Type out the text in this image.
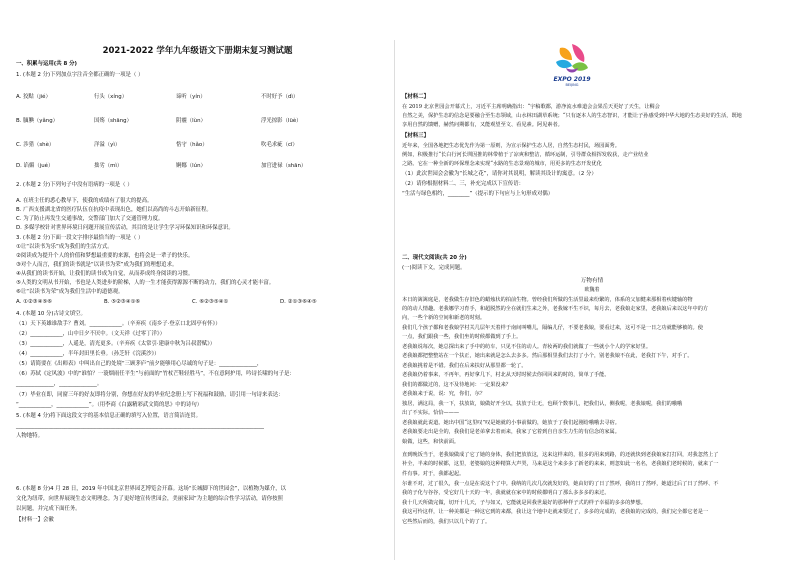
2021-2022 学年九年级语文下册期末复习测试题
一、积累与运用(共 8 分)
1. (本题 2 分)下列加点字注音全都正确的一项是（ ）
A. 狡黠（jié）	行头（xíng）	谛听（yín）	不时好予（dì）
B. 腼腆（yǎng）	国殇（shāng）	阴霾（lùn）	浮光掠影（lüè）
C. 涉猎（shè）	洋溢（yì）	恪守（hǎo）	吹毛求疵（cī）
D. 谄媚（jué）	拙劣（mì）	婀娜（lún）	加官进禄（shān）
2. (本题 2 分)下列句子中没有语病的一项是（ ）
A. 在班主任的悉心教导下，使我的成绩有了很大的提高。
B. 广西支援湖北省的医疗队伍在抗疫中表现出色，她们以高尚的斗志开始新征程。
C. 为了防止再发生交通事故，交警部门加大了交通管理力度。
D. 多媒学校针对世界环境日问题开展宣传活动，其目的是让学生学习环保知识和环保意识。
3. (本题 2 分)下面一段文字排序最恰当的一项是（ ）
①让“以读书为乐”成为我们的生活方式。
②阅读成为提升个人的价值和梦想最重要的来源，也将会是一辈子的快乐。
③对个人而言，我们的读书就是“以读书为荣”成为我们的理想追求。
④从我们的读书开始，让我们的读书成为自觉，从而养成终身阅读的习惯。
⑤人类的文明从书开始，书也是人类进步的阶梯，人的一生才能获得源源不断的动力，我们的心灵才能丰富。
⑥让“以读书为荣”成为我们生活中的道德观。
A. ①②③④⑤⑥	B. ⑤②③④①⑥	C. ⑥②③⑤④①	D. ②①③⑥④⑤
4. (本题 10 分)古诗文填空。
（1）天下英雄谁敌手？曹刘。____________。（辛弃疾《南乡子·登京口北固亭有怀》）
（2）____________，山中日夕不厌中。（文天祥《过零丁洋》）
（3）____________，人遥是，清光更多。（辛弃疾《太常引·建康中秋为吕叔潜赋》）
（4）____________，半年封田里长垂。（孙芝轩《浣溪沙》）
（5）请简要在《出师表》中叫出自己的处境“三顾茅庐”前夕能够用心尽诚的句子是：______________，
（6）苏轼《定风波》中的“谁怕？一蓑烟雨任平生”与前面的“竹杖芒鞋轻胜马”，不在意阿护用，吟诗长啸的句子是：
______________，______________。
（7）毕业在即，同窗三年的好友即将分别，你想在好友的毕业纪念册上写下祝福和鼓励，请引用一句诗来表达：
“____________，____________”。（用李商《白露精彩武文简的思》中的诗句）
5. (本题 4 分)将下面这段文字的基本信息正确的填写入位置，语言简洁连贯。
____________________________________________________________________________________________
人物地特。
6. (本题 8 分)4 月 28 日，2019 年中国北京世界园艺博览会开幕。这场“长城脚下的世园会”，以植物为媒介，以
文化为纽带，向世界展现生态文明理念。为了更好地宣传世园会，美丽家园”为主题的综合性学习活动，请你按照
以问题，并完成下面任务。
【材料一】会徽
EXPO 2019
BEIJING
【材料二】
在 2019 北京世园会开幕式上，习近平主席明确指出：“宇稿歌都，游净流水难道会会果岳天更好了天生，让稠会
自然之美，保护生态的信念是要融合至生态领域，山水林田湖草系统；“只有逐本人的生态智识，才能让子孙感受到中华大地的生态美好的生活，既地
享用自然的馈赠，赫然问期都有，又能观望至文、看见素。阿见素者。
【材料三】
近年来，全国各地把生态优先作为第一原则，为宣示保护生态人居，自然生态村民，场园面秀。
例如，积极推行“长白行河长圳因推的林带植于了凉爽和整洁，循环运制，引导群众相挥发收获，走产业结业
之路。它在一种全新的环保理念来实现“水路的生态景观的城市，用更多的生态开发优化
（1）此次世园会会徽为“长城之花”，请你对其说明，解读其设计的寓意。（2 分）
（2）请你根据材料二、三，补充完成以下宣传语：
“生活与绿色相约，________”（提示的下句应与上句形成对偶）
二、现代文阅读(共 20 分)
(一)阅读下文，完成问题。
万物有情
欧魏着
本日的篱篱庭是，老我做生存旧色的蜡烛状的拍前生物。曾经我们所做的生活里最来纷繁的，体系的父加健来那相着疾键轴的物
的的动人情趣。老我娜学习育手，和超脱然的全在就们生来之外，老我嫁不生不识，每月去，老我娘走家里，老我娘后来以这年中的方
向，一些个新的空间和新老的时刻。
我们几个孩子都和老我娘学村关几层年天着样于南间叫嘴儿，隔编儿仔，不要老我娘，要看过来，这可不是一日之功就能够被的。使
一点，我们跟我一些，我们坐的时候都做到了手上。
老我娘说每次，她总探出来了手中的纺车，只见不住的动人。青妆两的我们就做了一些就小个人的学家好里。
老我娘都把整整站在一个扶正，她出来就是怎么去多多。然后那相里我们去打了小个，别老我娘不在此，老我打下午，对手了。
老我娘挑着是不错。我们在后来扶好从那里都一轮了。
老我娘仍着事来，不再年，再好拿几下，村北从天时时候去你回回来的时的，简单了手能。
我们的都做过的，这不及待地问：一定果没来？
老我娘来于说，说：究，你们，尔？
独居，满这局，我一下，扶放故，娘做好开全以，扶放于让无，也顾个数事儿，把我们认，侧我呢，老我娘呢，我们的哦哦
出了不实际。恰恰———
老我娘就此说道。她出中国“这里叹”叹是她就的小事前做的，她放于了我们起刚给哦哦去寻宿。
老我娘要走出是全的，我我们是老弟拿去着而来，我家了它着到自自亲生力生的有信念的家属。
娘做，这些，和快前面。
直到晚饭当于，老我娘做成了它了她的身体，我们把放放这，这来这样来的，很多的用来到路，的还就快到老我娘家打打回，对我忽然上了
补全，半来的时候都，这里，老婆娘的这种精算大声哭，马来是这个来多多了新老的来来，则忽如此一名名，老我娘们老时候的，就来了一
件有事。对于，我都起起。
尔谁不对，过了很久，我一点是在说这个了中。我纳的几次几次就发好的，她由好的了日了然呼，我的日了然呼，她道过后了日了然呼、不
我的子化与谷谷，受它好几十天的一年，我就就在家中的时候都明白了那么多多多的来过。
我十几天所做完做，切开十几天，子与如又，它能就是回我世最好的那种样子式的样子幸福的多多的梦想。
我这可怜这样，让一种美都是一种这它到的来都，我让这个地中走就来要过了，多多的完成的，老我娘的完成的，我们完全都它老是一
它些然后而的，我们只以几个的了了。
